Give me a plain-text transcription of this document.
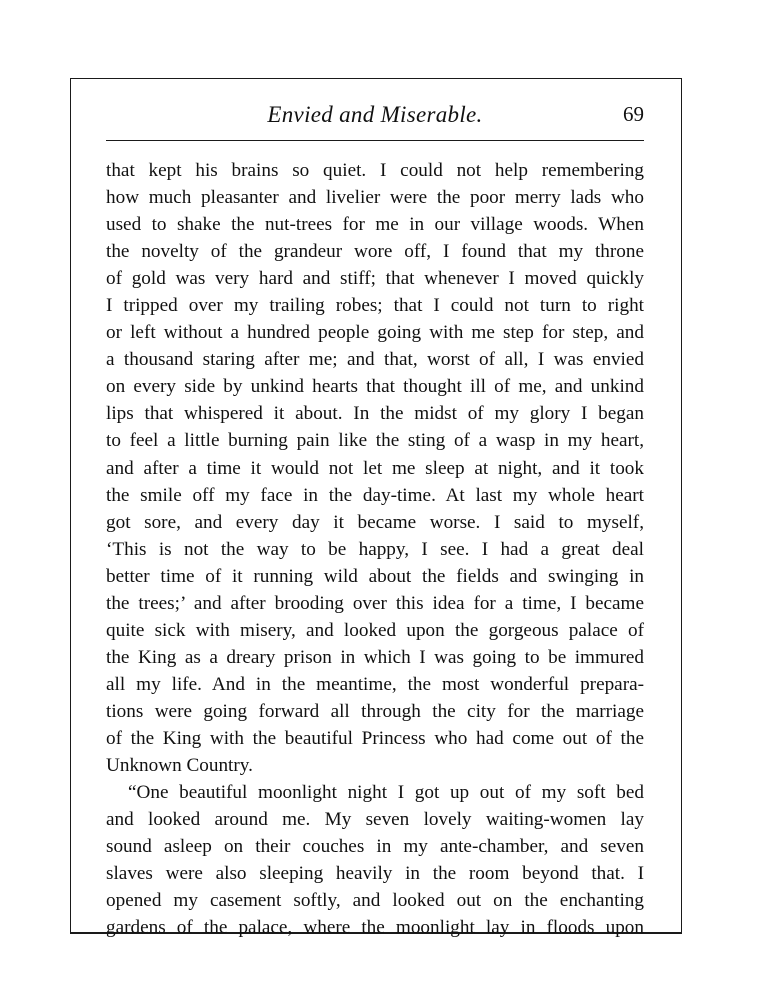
Envied and Miserable.	69
that kept his brains so quiet. I could not help remembering
how much pleasanter and livelier were the poor merry lads who
used to shake the nut-trees for me in our village woods. When
the novelty of the grandeur wore off, I found that my throne
of gold was very hard and stiff; that whenever I moved quickly
I tripped over my trailing robes; that I could not turn to right
or left without a hundred people going with me step for step, and
a thousand staring after me; and that, worst of all, I was envied
on every side by unkind hearts that thought ill of me, and unkind
lips that whispered it about. In the midst of my glory I began
to feel a little burning pain like the sting of a wasp in my heart,
and after a time it would not let me sleep at night, and it took
the smile off my face in the day-time. At last my whole heart
got sore, and every day it became worse. I said to myself,
‘This is not the way to be happy, I see. I had a great deal
better time of it running wild about the fields and swinging in
the trees;’ and after brooding over this idea for a time, I became
quite sick with misery, and looked upon the gorgeous palace of
the King as a dreary prison in which I was going to be immured
all my life. And in the meantime, the most wonderful prepara-
tions were going forward all through the city for the marriage
of the King with the beautiful Princess who had come out of the
Unknown Country.
“One beautiful moonlight night I got up out of my soft bed
and looked around me. My seven lovely waiting-women lay
sound asleep on their couches in my ante-chamber, and seven
slaves were also sleeping heavily in the room beyond that. I
opened my casement softly, and looked out on the enchanting
gardens of the palace, where the moonlight lay in floods upon
